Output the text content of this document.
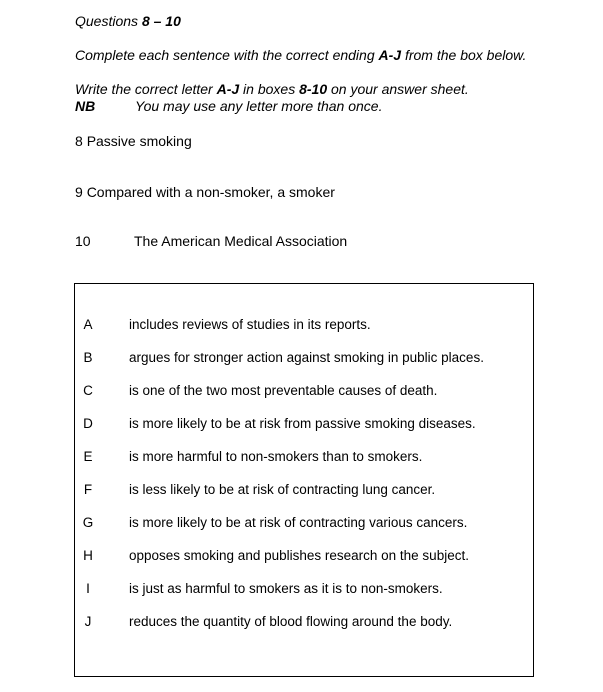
Questions 8 – 10
Complete each sentence with the correct ending A-J from the box below.
Write the correct letter A-J in boxes 8-10 on your answer sheet.
NB	You may use any letter more than once.
8 Passive smoking
9 Compared with a non-smoker, a smoker
10	The American Medical Association
A	includes reviews of studies in its reports.
B	argues for stronger action against smoking in public places.
C	is one of the two most preventable causes of death.
D	is more likely to be at risk from passive smoking diseases.
E	is more harmful to non-smokers than to smokers.
F	is less likely to be at risk of contracting lung cancer.
G	is more likely to be at risk of contracting various cancers.
H	opposes smoking and publishes research on the subject.
I	is just as harmful to smokers as it is to non-smokers.
J	reduces the quantity of blood flowing around the body.
